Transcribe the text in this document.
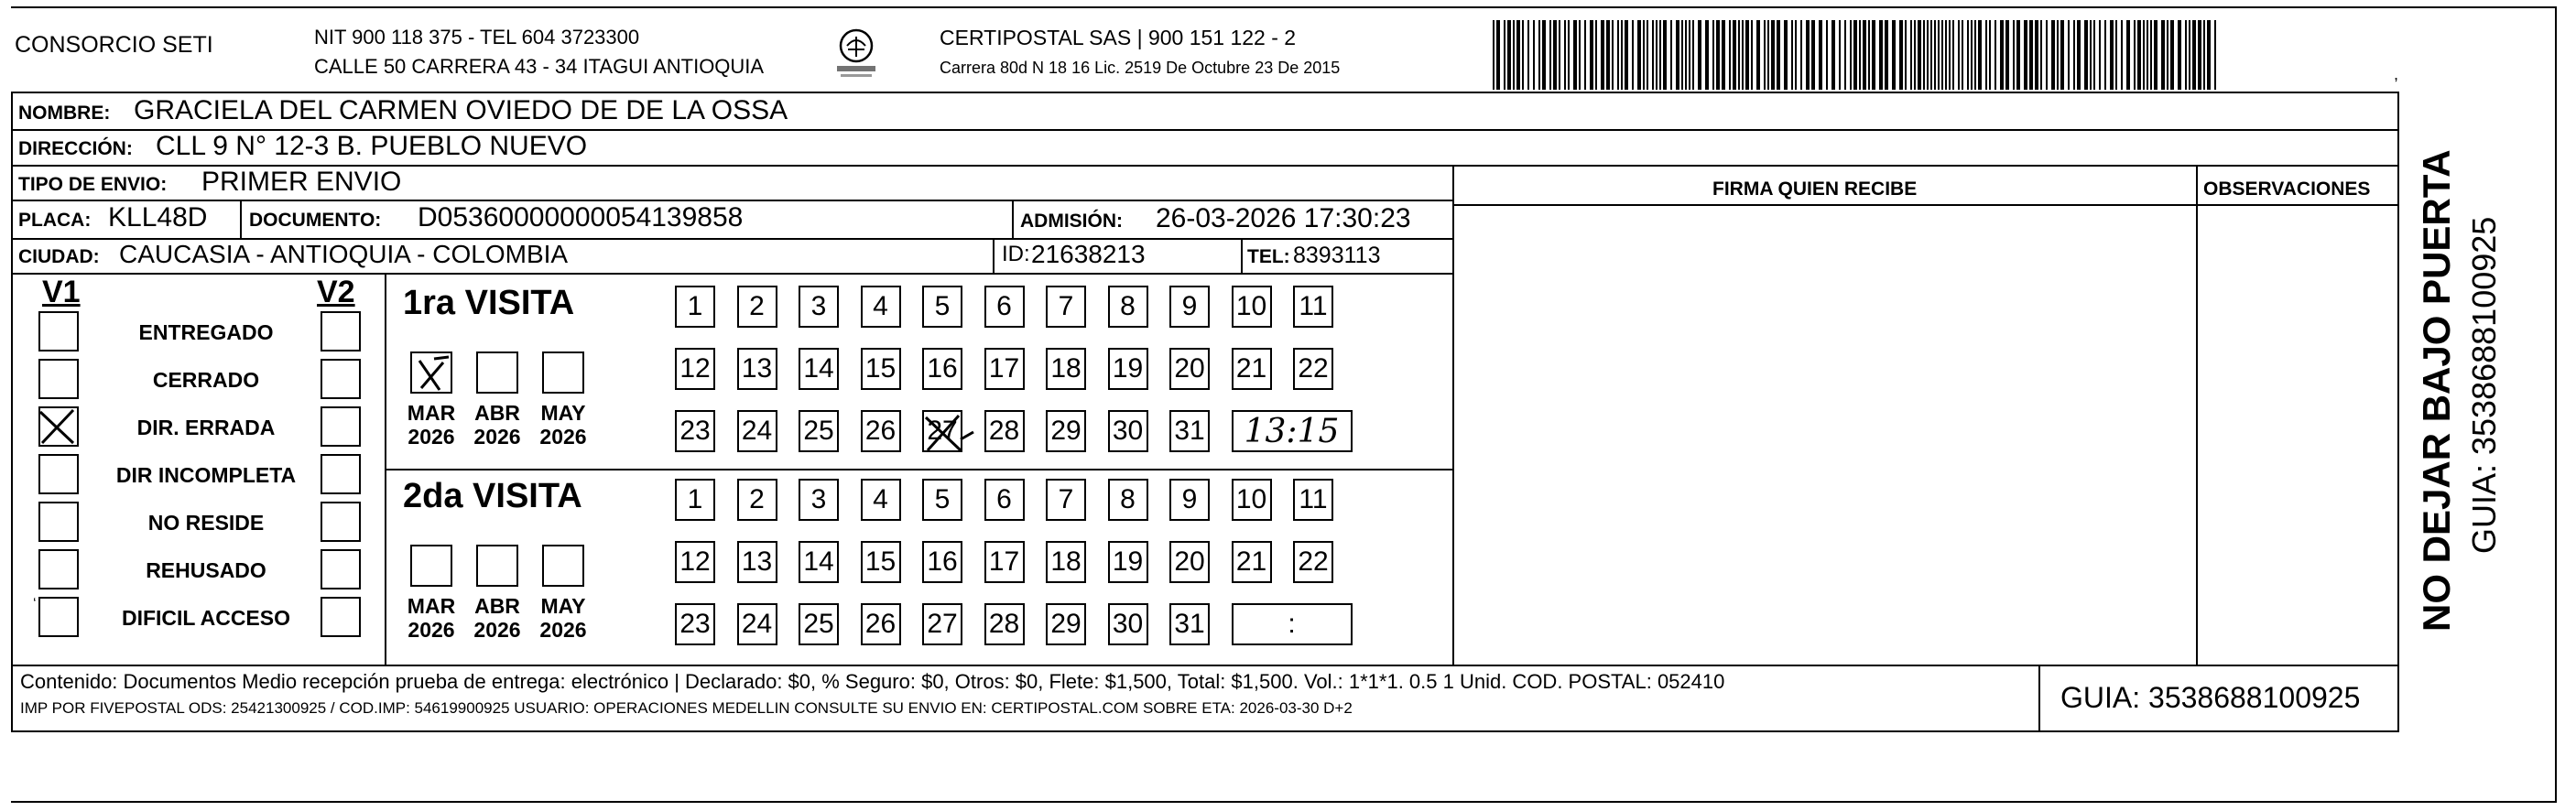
CONSORCIO SETI	NIT 900 118 375 - TEL 604 3723300
CALLE 50 CARRERA 43 - 34 ITAGUI ANTIOQUIA
CERTIPOSTAL SAS | 900 151 122 - 2
Carrera 80d N 18 16 Lic. 2519 De Octubre 23 De 2015	,
NOMBRE: GRACIELA DEL CARMEN OVIEDO DE DE LA OSSA
DIRECCIÓN: CLL 9 N° 12-3 B. PUEBLO NUEVO
TIPO DE ENVIO: PRIMER ENVIO	FIRMA QUIEN RECIBE	OBSERVACIONES
PLACA: KLL48D DOCUMENTO: D05360000000054139858	ADMISIÓN: 26-03-2026 17:30:23
CIUDAD: CAUCASIA - ANTIOQUIA - COLOMBIA	ID: 21638213	TEL: 8393113
V1	V2
ENTREGADO
CERRADO
DIR. ERRADA
DIR INCOMPLETA
NO RESIDE
REHUSADO
DIFICIL ACCESO
‘
1ra VISITA
MAR
2026
ABR
2026
MAY
2026
1	2	3	4	5	6	7	8	9	10 11
12 13 14 15 16 17 18 19 20 21 22
23 24 25 26 27 28 29 30 31	13:15
2da VISITA
MAR
2026
ABR
2026
MAY
2026
1	2	3	4	5	6	7	8	9	10 11
12 13 14 15 16 17 18 19 20 21 22
23 24 25 26 27 28 29 30 31	:
Contenido: Documentos Medio recepción prueba de entrega: electrónico | Declarado: $0, % Seguro: $0, Otros: $0, Flete: $1,500, Total: $1,500. Vol.: 1*1*1. 0.5 1 Unid. COD. POSTAL: 052410
IMP POR FIVEPOSTAL ODS: 25421300925 / COD.IMP: 54619900925 USUARIO: OPERACIONES MEDELLIN CONSULTE SU ENVIO EN: CERTIPOSTAL.COM SOBRE ETA: 2026-03-30 D+2	GUIA: 3538688100925
NO DEJAR BAJO PUERTA GUIA: 3538688100925
